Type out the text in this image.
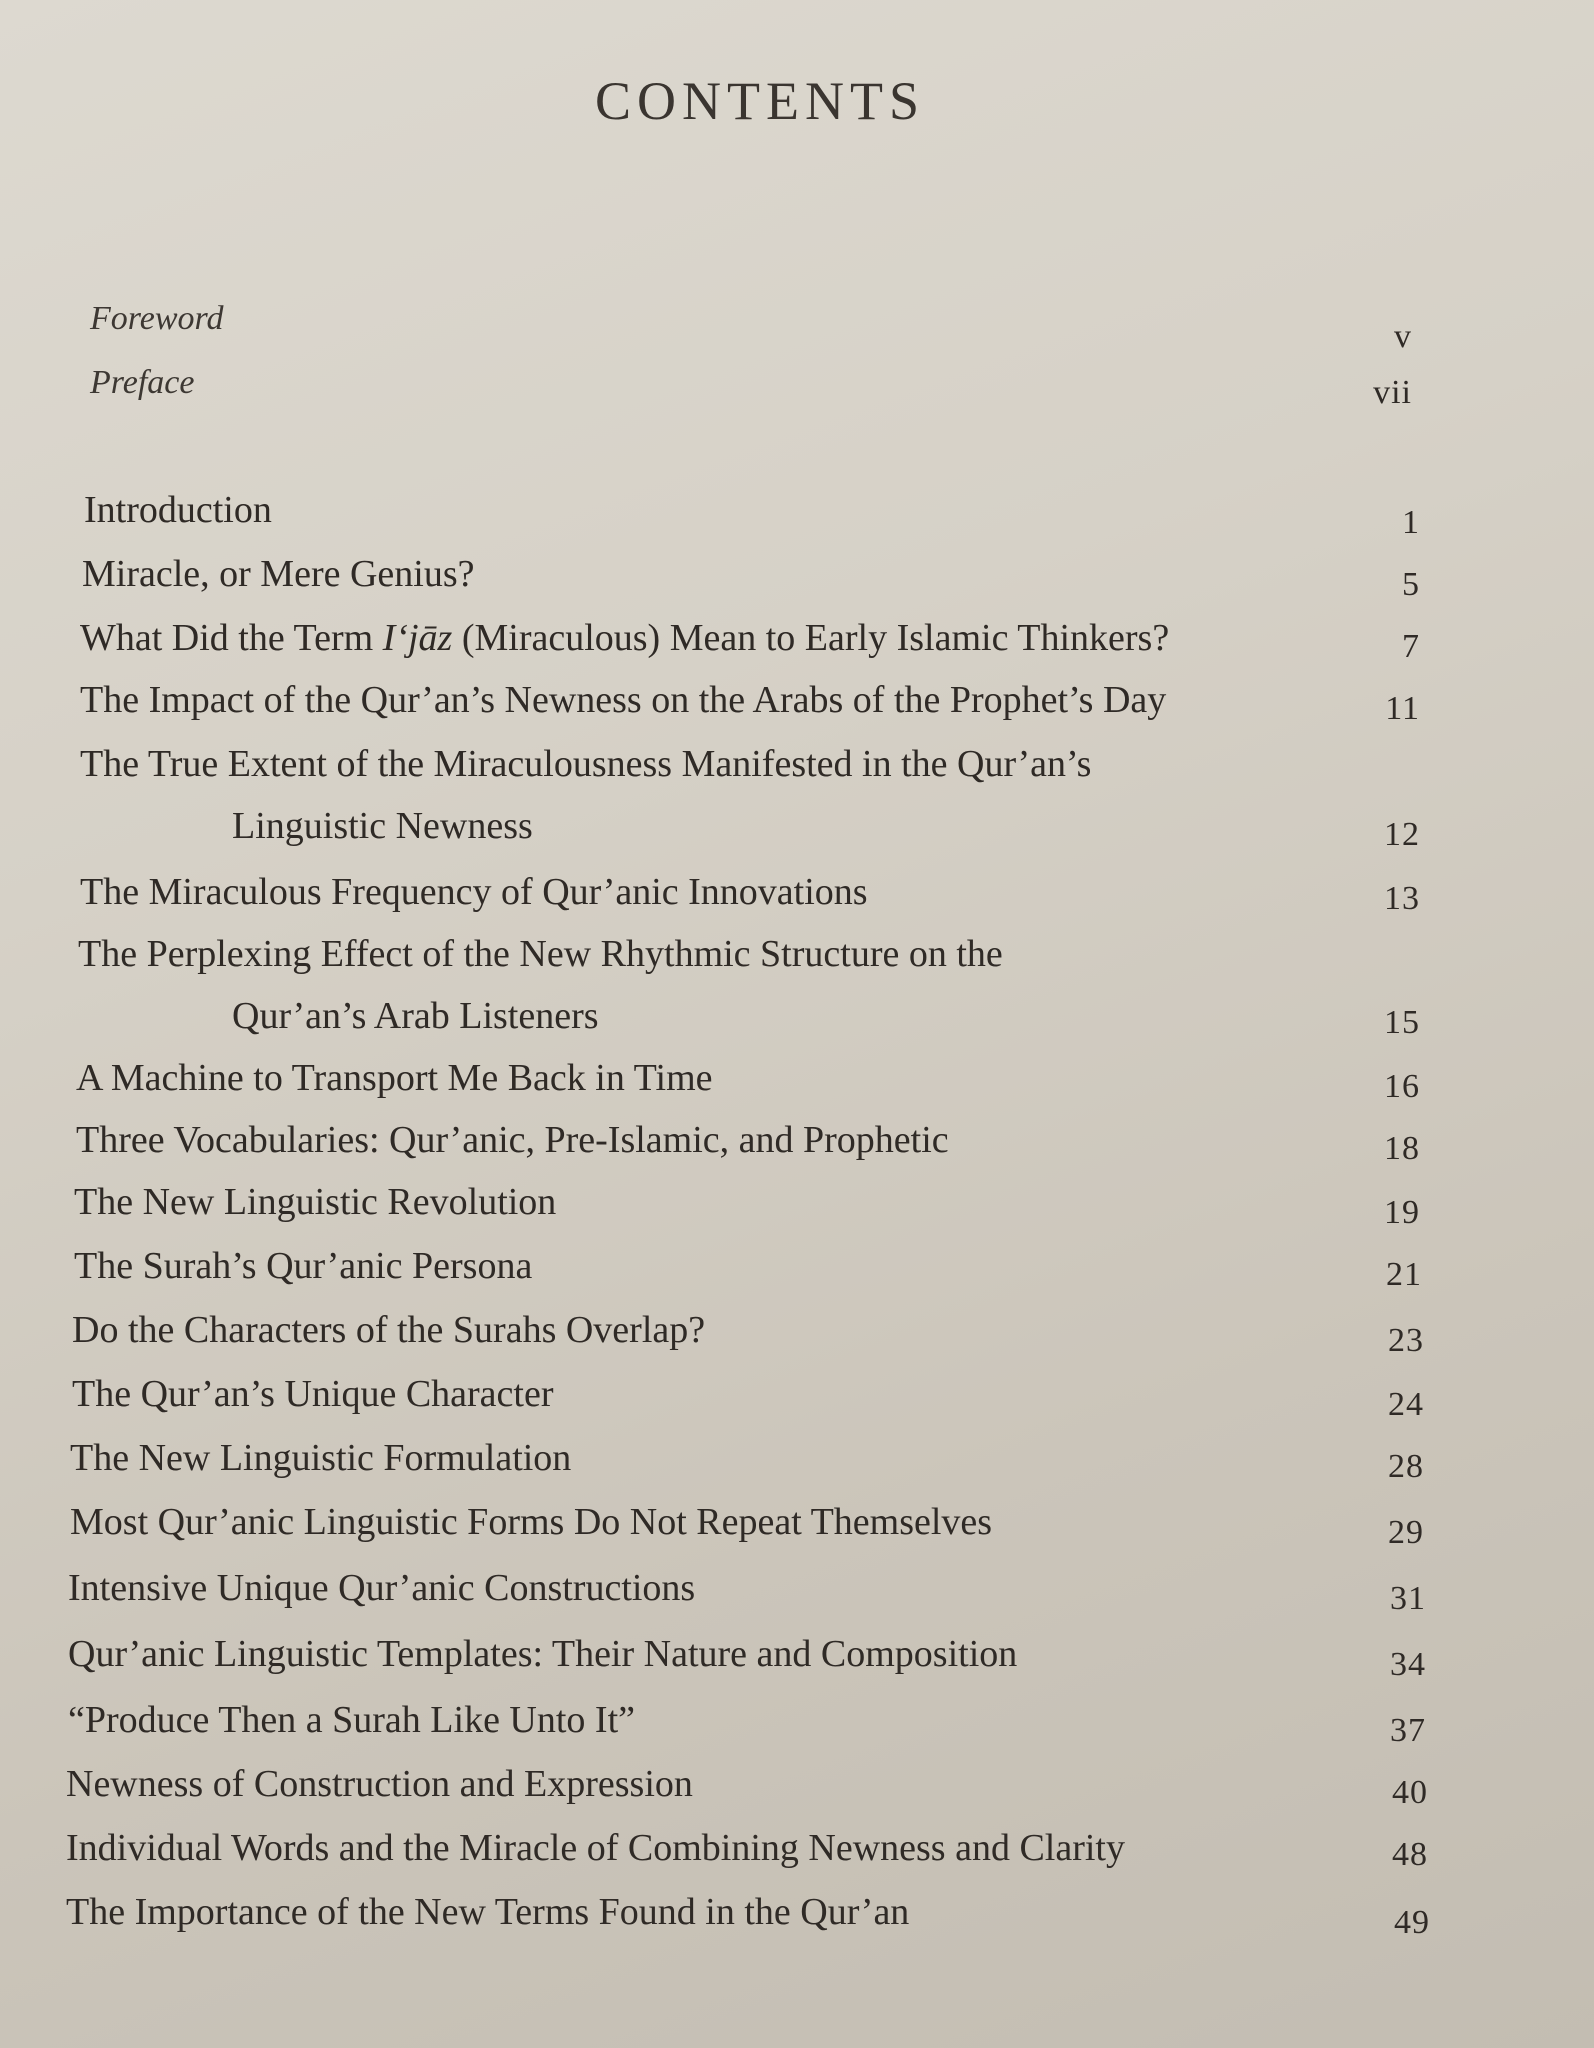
CONTENTS
Foreword	v
Preface	vii
Introduction	1
Miracle, or Mere Genius?	5
What Did the Term I‘jāz (Miraculous) Mean to Early Islamic Thinkers?	7
The Impact of the Qur’an’s Newness on the Arabs of the Prophet’s Day	11
The True Extent of the Miraculousness Manifested in the Qur’an’s
Linguistic Newness	12
The Miraculous Frequency of Qur’anic Innovations	13
The Perplexing Effect of the New Rhythmic Structure on the
Qur’an’s Arab Listeners	15
A Machine to Transport Me Back in Time	16
Three Vocabularies: Qur’anic, Pre-Islamic, and Prophetic	18
The New Linguistic Revolution	19
The Surah’s Qur’anic Persona	21
Do the Characters of the Surahs Overlap?	23
The Qur’an’s Unique Character	24
The New Linguistic Formulation	28
Most Qur’anic Linguistic Forms Do Not Repeat Themselves	29
Intensive Unique Qur’anic Constructions	31
Qur’anic Linguistic Templates: Their Nature and Composition	34
“Produce Then a Surah Like Unto It”	37
Newness of Construction and Expression	40
Individual Words and the Miracle of Combining Newness and Clarity	48
The Importance of the New Terms Found in the Qur’an	49
